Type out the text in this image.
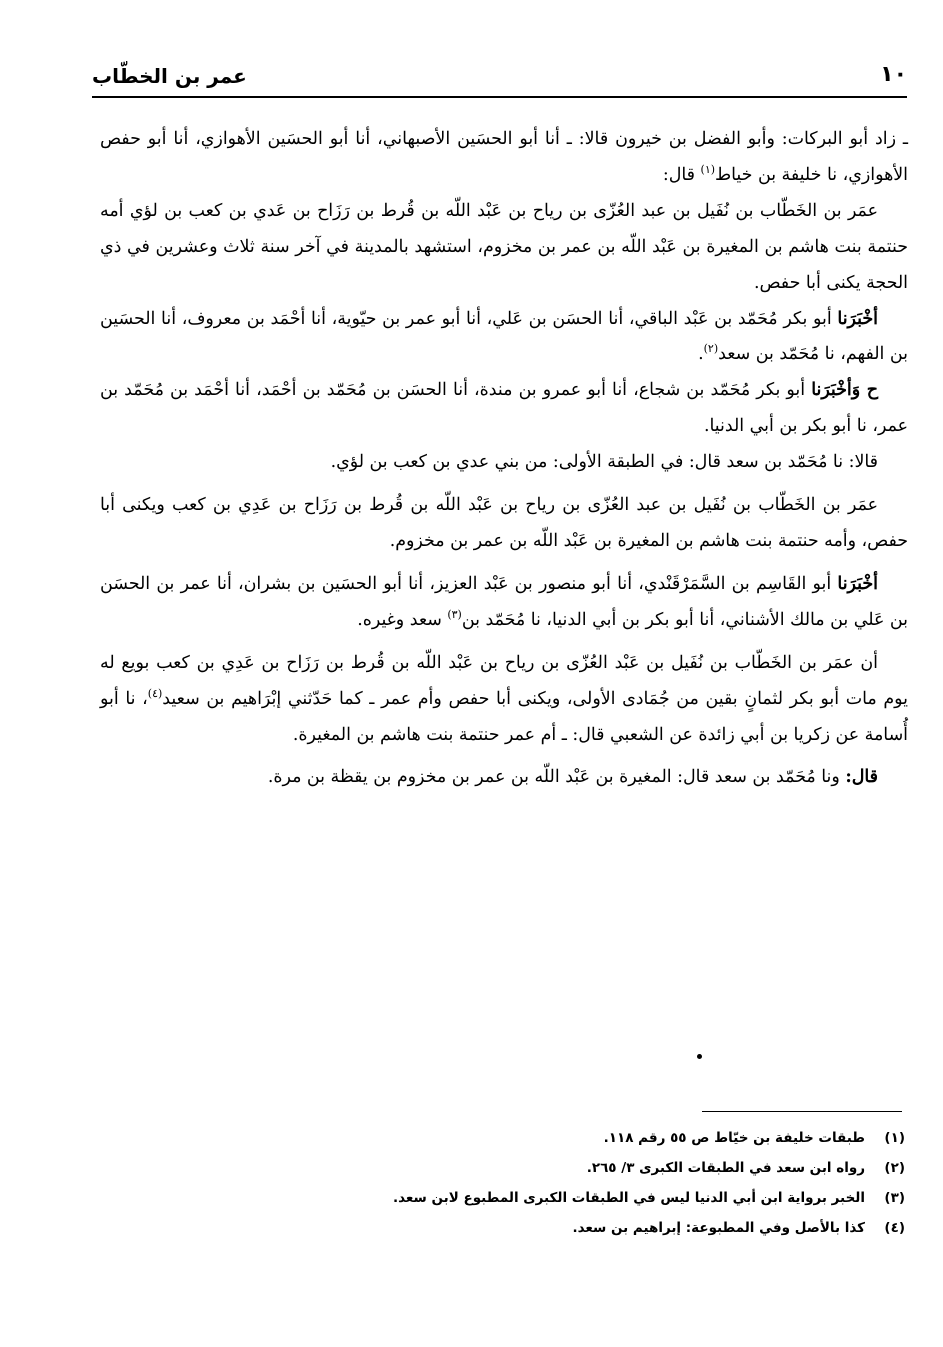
١٠
عمر بن الخطّاب

ـ زاد أبو البركات: وأبو الفضل بن خيرون قالا: ـ أنا أبو الحسَين الأصبهاني، أنا أبو الحسَين الأهوازي، أنا أبو حفص الأهوازي، نا خليفة بن خياط$^{(١)}$ قال:

عمَر بن الخَطّاب بن نُفَيل بن عبد العُزّى بن رياح بن عَبْد اللّه بن قُرط بن رَزَاح بن عَدي بن كعب بن لؤي أمه حنتمة بنت هاشم بن المغيرة بن عَبْد اللّه بن عمر بن مخزوم، استشهد بالمدينة في آخر سنة ثلاث وعشرين في ذي الحجة يكنى أبا حفص.

أخْبَرَنا أبو بكر مُحَمّد بن عَبْد الباقي، أنا الحسَن بن عَلي، أنا أبو عمر بن حيّوية، أنا أحْمَد بن معروف، أنا الحسَين بن الفهم، نا مُحَمّد بن سعد$^{(٢)}$.

ح وَأخْبَرَنا أبو بكر مُحَمّد بن شجاع، أنا أبو عمرو بن مندة، أنا الحسَن بن مُحَمّد بن أحْمَد، أنا أحْمَد بن مُحَمّد بن عمر، نا أبو بكر بن أبي الدنيا.

قالا: نا مُحَمّد بن سعد قال: في الطبقة الأولى: من بني عدي بن كعب بن لؤي.

عمَر بن الخَطّاب بن نُفَيل بن عبد العُزّى بن رياح بن عَبْد اللّه بن قُرط بن رَزَاح بن عَدِي بن كعب ويكنى أبا حفص، وأمه حنتمة بنت هاشم بن المغيرة بن عَبْد اللّه بن عمر بن مخزوم.

أخْبَرَنا أبو القَاسِم بن السَّمَرْقَنْدي، أنا أبو منصور بن عَبْد العزيز، أنا أبو الحسَين بن بشران، أنا عمر بن الحسَن بن عَلي بن مالك الأشناني، أنا أبو بكر بن أبي الدنيا، نا مُحَمّد بن$^{(٣)}$ سعد وغيره.

أن عمَر بن الخَطّاب بن نُفَيل بن عَبْد العُزّى بن رياح بن عَبْد اللّه بن قُرط بن رَزَاح بن عَدِي بن كعب بويع له يوم مات أبو بكر لثمانٍ بقين من جُمَادى الأولى، ويكنى أبا حفص وأم عمر ـ كما حَدّثني إبْرَاهيم بن سعيد$^{(٤)}$، نا أبو أُسامة عن زكريا بن أبي زائدة عن الشعبي قال: ـ أم عمر حنتمة بنت هاشم بن المغيرة.

قال: ونا مُحَمّد بن سعد قال: المغيرة بن عَبْد اللّه بن عمر بن مخزوم بن يقظة بن مرة.

(١)
طبقات خليفة بن خيّاط ص ٥٥ رقم ١١٨.
(٢)
رواه ابن سعد في الطبقات الكبرى ٣/ ٢٦٥.
(٣)
الخبر برواية ابن أبي الدنيا ليس في الطبقات الكبرى المطبوع لابن سعد.
(٤)
كذا بالأصل وفي المطبوعة: إبراهيم بن سعد.
